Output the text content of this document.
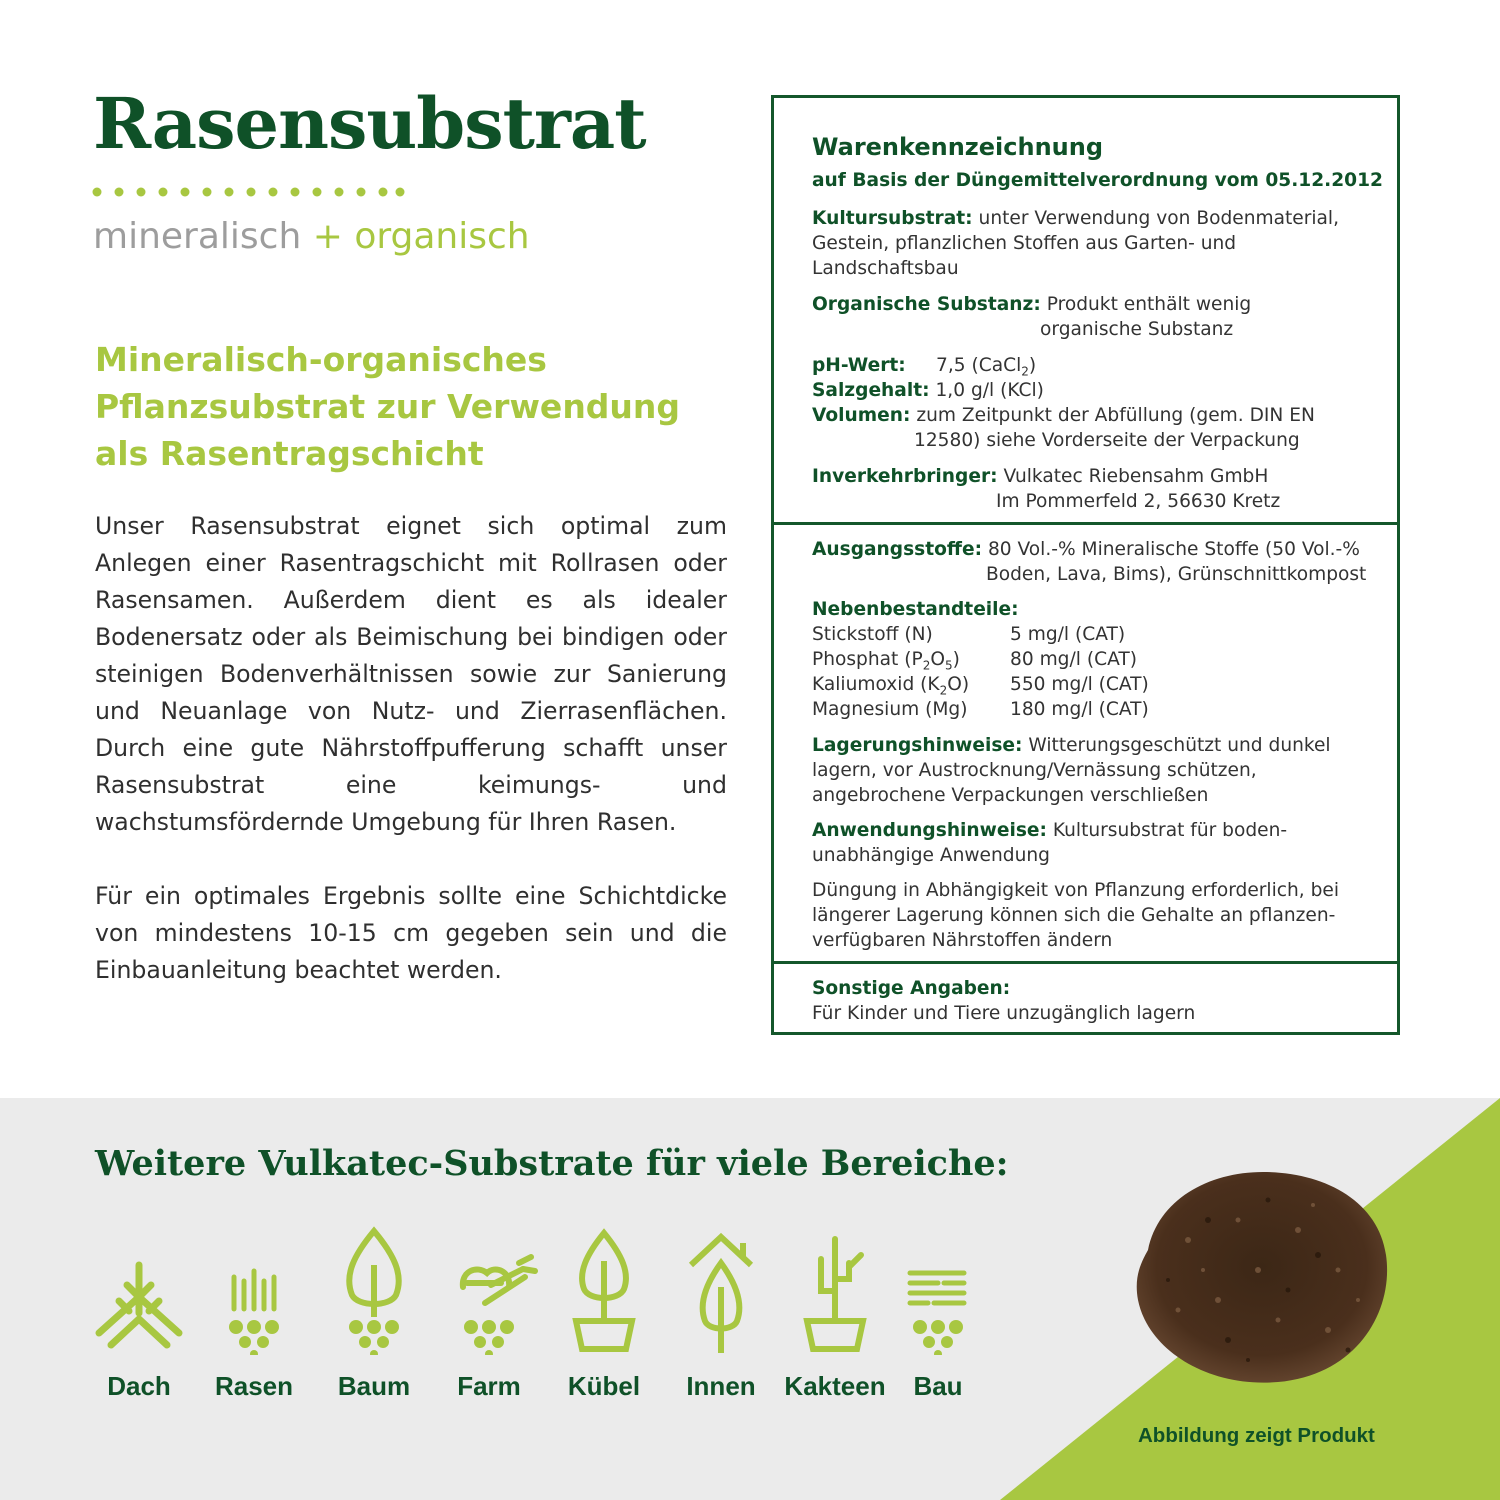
Rasensubstrat
mineralisch + organisch
Mineralisch-organisches
Pflanzsubstrat zur Verwendung
als Rasentragschicht
Unser Rasensubstrat eignet sich optimal zum Anlegen einer Rasentragschicht mit Rollrasen oder Rasensamen. Außerdem dient es als idealer Bodenersatz oder als Beimischung bei bindigen oder steinigen Bodenverhältnissen sowie zur Sanierung und Neuanlage von Nutz- und Zierrasenflächen. Durch eine gute Nährstoffpufferung schafft unser Rasensubstrat eine keimungs- und wachstumsfördernde Umgebung für Ihren Rasen.
Für ein optimales Ergebnis sollte eine Schichtdicke von mindestens 10-15 cm gegeben sein und die Einbauanleitung beachtet werden.
Warenkennzeichnung
auf Basis der Düngemittelverordnung vom 05.12.2012
Kultursubstrat: unter Verwendung von Bodenmaterial,
Gestein, pflanzlichen Stoffen aus Garten- und
Landschaftsbau
Organische Substanz: Produkt enthält wenig
organische Substanz
pH-Wert: 7,5 (CaCl$_2$)
Salzgehalt: 1,0 g/l (KCl)
Volumen: zum Zeitpunkt der Abfüllung (gem. DIN EN
12580) siehe Vorderseite der Verpackung
Inverkehrbringer: Vulkatec Riebensahm GmbH
Im Pommerfeld 2, 56630 Kretz
Ausgangsstoffe: 80 Vol.-% Mineralische Stoffe (50 Vol.-%
Boden, Lava, Bims), Grünschnittkompost
Nebenbestandteile:
Stickstoff (N)	5 mg/l (CAT)
Phosphat $(P_2O_5)$	80 mg/l (CAT)
Kaliumoxid $(K_2O)$ 550 mg/l (CAT)
Magnesium (Mg) 180 mg/l (CAT)
Lagerungshinweise: Witterungsgeschützt und dunkel
lagern, vor Austrocknung/Vernässung schützen,
angebrochene Verpackungen verschließen
Anwendungshinweise: Kultursubstrat für boden-
unabhängige Anwendung
Düngung in Abhängigkeit von Pflanzung erforderlich, bei
längerer Lagerung können sich die Gehalte an pflanzen-
verfügbaren Nährstoffen ändern
Sonstige Angaben:
Für Kinder und Tiere unzugänglich lagern
Weitere Vulkatec-Substrate für viele Bereiche:
Dach	Rasen	Baum	Farm	Kübel	Innen	Kakteen	Bau
Abbildung zeigt Produkt
